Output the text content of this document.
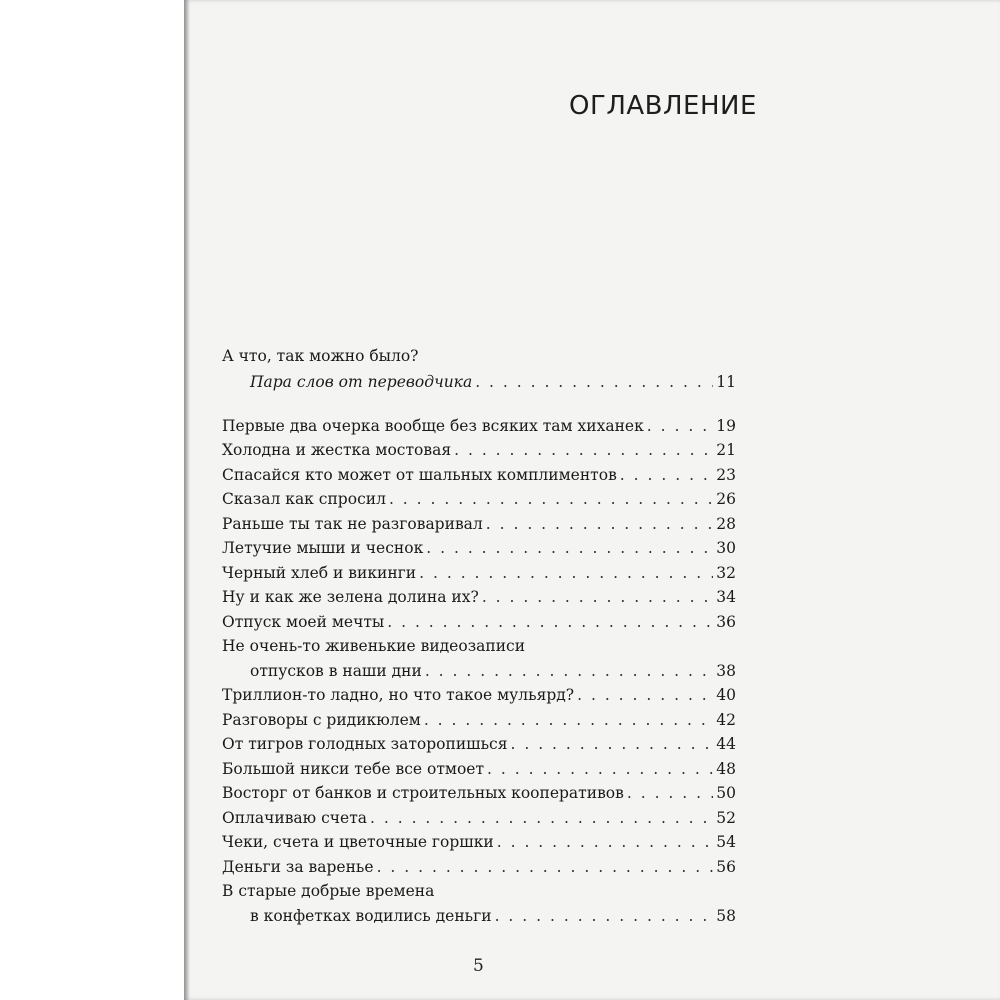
ОГЛАВЛЕНИЕ
А что, так можно было?
Пара слов от переводчика . . .	11
Первые два очерка вообще без всяких там хиханек . . .	19
Холодна и жестка мостовая . . .	21
Спасайся кто может от шальных комплиментов . . .	23
Сказал как спросил . . .	26
Раньше ты так не разговаривал . . .	28
Летучие мыши и чеснок . . .	30
Черный хлеб и викинги . . .	32
Ну и как же зелена долина их? . . .	34
Отпуск моей мечты . . .	36
Не очень-то живенькие видеозаписи
отпусков в наши дни . . .	38
Триллион-то ладно, но что такое мульярд? . . .	40
Разговоры с ридикюлем . . .	42
От тигров голодных заторопишься . . .	44
Большой никси тебе все отмоет . . .	48
Восторг от банков и строительных кооперативов . . .	50
Оплачиваю счета . . .	52
Чеки, счета и цветочные горшки . . .	54
Деньги за варенье . . .	56
В старые добрые времена
в конфетках водились деньги . . .	58
5
